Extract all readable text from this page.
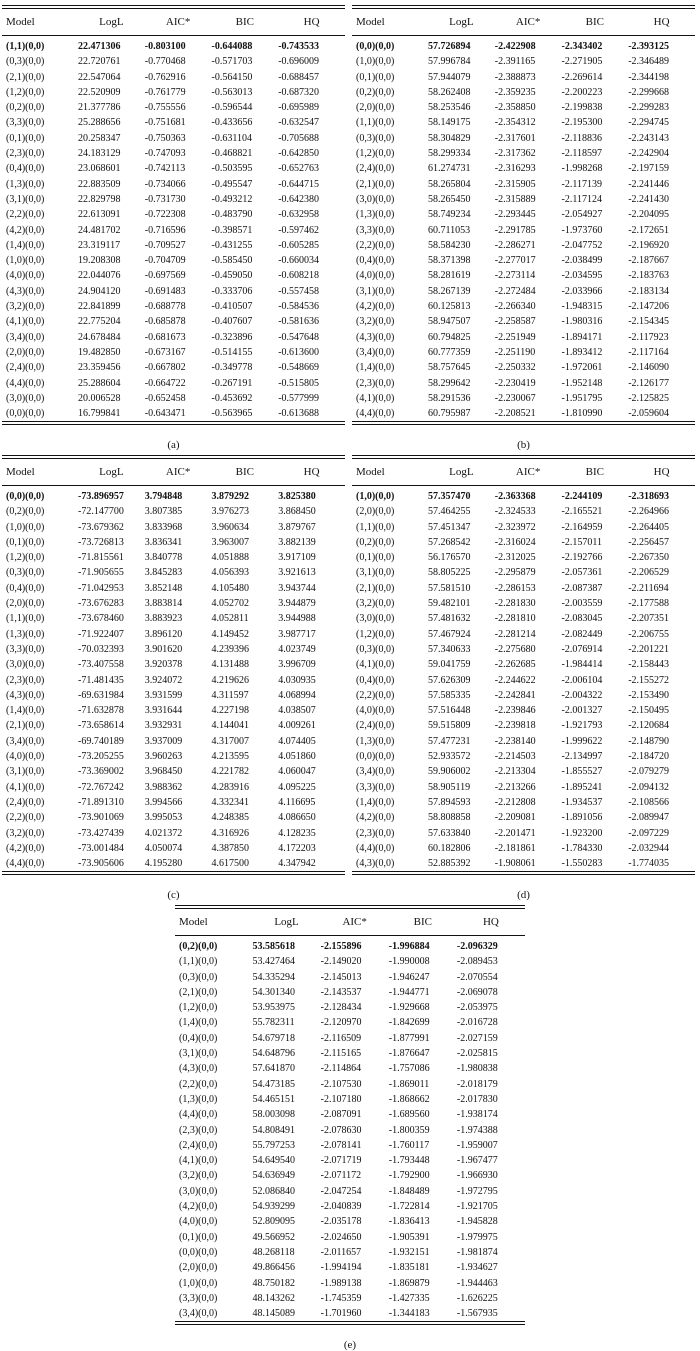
Model	LogL	AIC*	BIC	HQ
(1,1)(0,0)	22.471306	-0.803100	-0.644088	-0.743533
(0,3)(0,0)	22.720761	-0.770468	-0.571703	-0.696009
(2,1)(0,0)	22.547064	-0.762916	-0.564150	-0.688457
(1,2)(0,0)	22.520909	-0.761779	-0.563013	-0.687320
(0,2)(0,0)	21.377786	-0.755556	-0.596544	-0.695989
(3,3)(0,0)	25.288656	-0.751681	-0.433656	-0.632547
(0,1)(0,0)	20.258347	-0.750363	-0.631104	-0.705688
(2,3)(0,0)	24.183129	-0.747093	-0.468821	-0.642850
(0,4)(0,0)	23.068601	-0.742113	-0.503595	-0.652763
(1,3)(0,0)	22.883509	-0.734066	-0.495547	-0.644715
(3,1)(0,0)	22.829798	-0.731730	-0.493212	-0.642380
(2,2)(0,0)	22.613091	-0.722308	-0.483790	-0.632958
(4,2)(0,0)	24.481702	-0.716596	-0.398571	-0.597462
(1,4)(0,0)	23.319117	-0.709527	-0.431255	-0.605285
(1,0)(0,0)	19.208308	-0.704709	-0.585450	-0.660034
(4,0)(0,0)	22.044076	-0.697569	-0.459050	-0.608218
(4,3)(0,0)	24.904120	-0.691483	-0.333706	-0.557458
(3,2)(0,0)	22.841899	-0.688778	-0.410507	-0.584536
(4,1)(0,0)	22.775204	-0.685878	-0.407607	-0.581636
(3,4)(0,0)	24.678484	-0.681673	-0.323896	-0.547648
(2,0)(0,0)	19.482850	-0.673167	-0.514155	-0.613600
(2,4)(0,0)	23.359456	-0.667802	-0.349778	-0.548669
(4,4)(0,0)	25.288604	-0.664722	-0.267191	-0.515805
(3,0)(0,0)	20.006528	-0.652458	-0.453692	-0.577999
(0,0)(0,0)	16.799841	-0.643471	-0.563965	-0.613688
(a)
Model	LogL	AIC*	BIC	HQ
(0,0)(0,0)	57.726894	-2.422908	-2.343402	-2.393125
(1,0)(0,0)	57.996784	-2.391165	-2.271905	-2.346489
(0,1)(0,0)	57.944079	-2.388873	-2.269614	-2.344198
(0,2)(0,0)	58.262408	-2.359235	-2.200223	-2.299668
(2,0)(0,0)	58.253546	-2.358850	-2.199838	-2.299283
(1,1)(0,0)	58.149175	-2.354312	-2.195300	-2.294745
(0,3)(0,0)	58.304829	-2.317601	-2.118836	-2.243143
(1,2)(0,0)	58.299334	-2.317362	-2.118597	-2.242904
(2,4)(0,0)	61.274731	-2.316293	-1.998268	-2.197159
(2,1)(0,0)	58.265804	-2.315905	-2.117139	-2.241446
(3,0)(0,0)	58.265450	-2.315889	-2.117124	-2.241430
(1,3)(0,0)	58.749234	-2.293445	-2.054927	-2.204095
(3,3)(0,0)	60.711053	-2.291785	-1.973760	-2.172651
(2,2)(0,0)	58.584230	-2.286271	-2.047752	-2.196920
(0,4)(0,0)	58.371398	-2.277017	-2.038499	-2.187667
(4,0)(0,0)	58.281619	-2.273114	-2.034595	-2.183763
(3,1)(0,0)	58.267139	-2.272484	-2.033966	-2.183134
(4,2)(0,0)	60.125813	-2.266340	-1.948315	-2.147206
(3,2)(0,0)	58.947507	-2.258587	-1.980316	-2.154345
(4,3)(0,0)	60.794825	-2.251949	-1.894171	-2.117923
(3,4)(0,0)	60.777359	-2.251190	-1.893412	-2.117164
(1,4)(0,0)	58.757645	-2.250332	-1.972061	-2.146090
(2,3)(0,0)	58.299642	-2.230419	-1.952148	-2.126177
(4,1)(0,0)	58.291536	-2.230067	-1.951795	-2.125825
(4,4)(0,0)	60.795987	-2.208521	-1.810990	-2.059604
(b)
Model	LogL	AIC*	BIC	HQ
(0,0)(0,0)	-73.896957	3.794848	3.879292	3.825380
(0,2)(0,0)	-72.147700	3.807385	3.976273	3.868450
(1,0)(0,0)	-73.679362	3.833968	3.960634	3.879767
(0,1)(0,0)	-73.726813	3.836341	3.963007	3.882139
(1,2)(0,0)	-71.815561	3.840778	4.051888	3.917109
(0,3)(0,0)	-71.905655	3.845283	4.056393	3.921613
(0,4)(0,0)	-71.042953	3.852148	4.105480	3.943744
(2,0)(0,0)	-73.676283	3.883814	4.052702	3.944879
(1,1)(0,0)	-73.678460	3.883923	4.052811	3.944988
(1,3)(0,0)	-71.922407	3.896120	4.149452	3.987717
(3,3)(0,0)	-70.032393	3.901620	4.239396	4.023749
(3,0)(0,0)	-73.407558	3.920378	4.131488	3.996709
(2,3)(0,0)	-71.481435	3.924072	4.219626	4.030935
(4,3)(0,0)	-69.631984	3.931599	4.311597	4.068994
(1,4)(0,0)	-71.632878	3.931644	4.227198	4.038507
(2,1)(0,0)	-73.658614	3.932931	4.144041	4.009261
(3,4)(0,0)	-69.740189	3.937009	4.317007	4.074405
(4,0)(0,0)	-73.205255	3.960263	4.213595	4.051860
(3,1)(0,0)	-73.369002	3.968450	4.221782	4.060047
(4,1)(0,0)	-72.767242	3.988362	4.283916	4.095225
(2,4)(0,0)	-71.891310	3.994566	4.332341	4.116695
(2,2)(0,0)	-73.901069	3.995053	4.248385	4.086650
(3,2)(0,0)	-73.427439	4.021372	4.316926	4.128235
(4,2)(0,0)	-73.001484	4.050074	4.387850	4.172203
(4,4)(0,0)	-73.905606	4.195280	4.617500	4.347942
(c)
Model	LogL	AIC*	BIC	HQ
(1,0)(0,0)	57.357470	-2.363368	-2.244109	-2.318693
(2,0)(0,0)	57.464255	-2.324533	-2.165521	-2.264966
(1,1)(0,0)	57.451347	-2.323972	-2.164959	-2.264405
(0,2)(0,0)	57.268542	-2.316024	-2.157011	-2.256457
(0,1)(0,0)	56.176570	-2.312025	-2.192766	-2.267350
(3,1)(0,0)	58.805225	-2.295879	-2.057361	-2.206529
(2,1)(0,0)	57.581510	-2.286153	-2.087387	-2.211694
(3,2)(0,0)	59.482101	-2.281830	-2.003559	-2.177588
(3,0)(0,0)	57.481632	-2.281810	-2.083045	-2.207351
(1,2)(0,0)	57.467924	-2.281214	-2.082449	-2.206755
(0,3)(0,0)	57.340633	-2.275680	-2.076914	-2.201221
(4,1)(0,0)	59.041759	-2.262685	-1.984414	-2.158443
(0,4)(0,0)	57.626309	-2.244622	-2.006104	-2.155272
(2,2)(0,0)	57.585335	-2.242841	-2.004322	-2.153490
(4,0)(0,0)	57.516448	-2.239846	-2.001327	-2.150495
(2,4)(0,0)	59.515809	-2.239818	-1.921793	-2.120684
(1,3)(0,0)	57.477231	-2.238140	-1.999622	-2.148790
(0,0)(0,0)	52.933572	-2.214503	-2.134997	-2.184720
(3,4)(0,0)	59.906002	-2.213304	-1.855527	-2.079279
(3,3)(0,0)	58.905119	-2.213266	-1.895241	-2.094132
(1,4)(0,0)	57.894593	-2.212808	-1.934537	-2.108566
(4,2)(0,0)	58.808858	-2.209081	-1.891056	-2.089947
(2,3)(0,0)	57.633840	-2.201471	-1.923200	-2.097229
(4,4)(0,0)	60.182806	-2.181861	-1.784330	-2.032944
(4,3)(0,0)	52.885392	-1.908061	-1.550283	-1.774035
(d)
Model	LogL	AIC*	BIC	HQ
(0,2)(0,0)	53.585618	-2.155896	-1.996884	-2.096329
(1,1)(0,0)	53.427464	-2.149020	-1.990008	-2.089453
(0,3)(0,0)	54.335294	-2.145013	-1.946247	-2.070554
(2,1)(0,0)	54.301340	-2.143537	-1.944771	-2.069078
(1,2)(0,0)	53.953975	-2.128434	-1.929668	-2.053975
(1,4)(0,0)	55.782311	-2.120970	-1.842699	-2.016728
(0,4)(0,0)	54.679718	-2.116509	-1.877991	-2.027159
(3,1)(0,0)	54.648796	-2.115165	-1.876647	-2.025815
(4,3)(0,0)	57.641870	-2.114864	-1.757086	-1.980838
(2,2)(0,0)	54.473185	-2.107530	-1.869011	-2.018179
(1,3)(0,0)	54.465151	-2.107180	-1.868662	-2.017830
(4,4)(0,0)	58.003098	-2.087091	-1.689560	-1.938174
(2,3)(0,0)	54.808491	-2.078630	-1.800359	-1.974388
(2,4)(0,0)	55.797253	-2.078141	-1.760117	-1.959007
(4,1)(0,0)	54.649540	-2.071719	-1.793448	-1.967477
(3,2)(0,0)	54.636949	-2.071172	-1.792900	-1.966930
(3,0)(0,0)	52.086840	-2.047254	-1.848489	-1.972795
(4,2)(0,0)	54.939299	-2.040839	-1.722814	-1.921705
(4,0)(0,0)	52.809095	-2.035178	-1.836413	-1.945828
(0,1)(0,0)	49.566952	-2.024650	-1.905391	-1.979975
(0,0)(0,0)	48.268118	-2.011657	-1.932151	-1.981874
(2,0)(0,0)	49.866456	-1.994194	-1.835181	-1.934627
(1,0)(0,0)	48.750182	-1.989138	-1.869879	-1.944463
(3,3)(0,0)	48.143262	-1.745359	-1.427335	-1.626225
(3,4)(0,0)	48.145089	-1.701960	-1.344183	-1.567935
(e)
